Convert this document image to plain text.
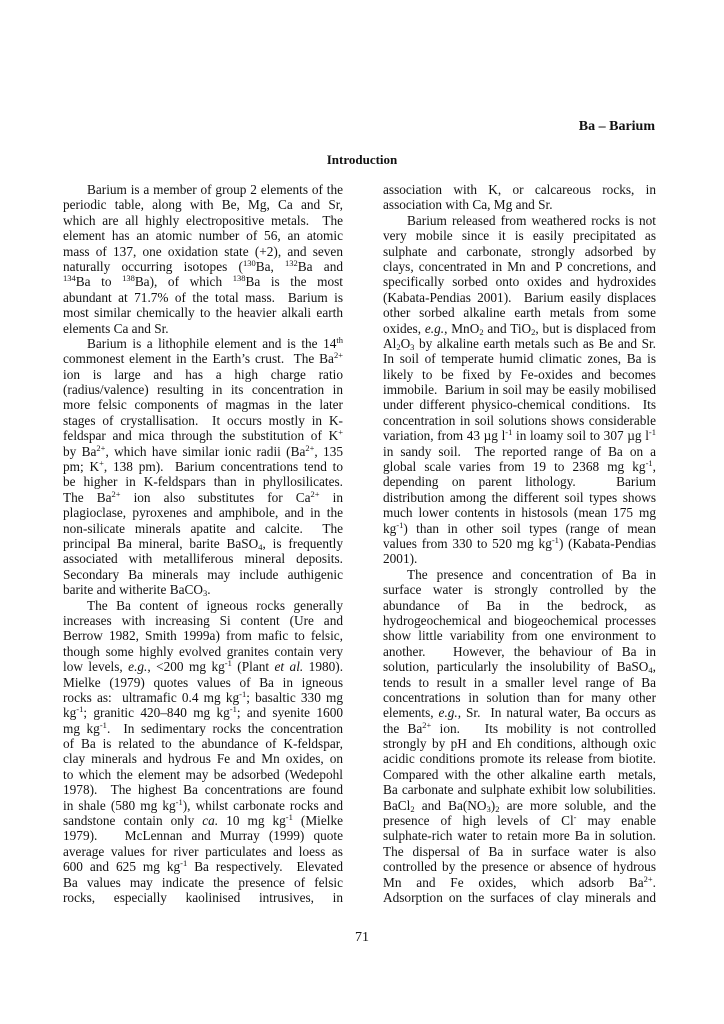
Ba – Barium
Introduction
Barium is a member of group 2 elements of the
periodic table, along with Be, Mg, Ca and Sr,
which are all highly electropositive metals.  The
element has an atomic number of 56, an atomic
mass of 137, one oxidation state (+2), and seven
naturally occurring isotopes ($^{130}$Ba, $^{132}$Ba and
$^{134}$Ba to $^{138}$Ba), of which $^{138}$Ba is the most
abundant at 71.7% of the total mass.  Barium is
most similar chemically to the heavier alkali earth
elements Ca and Sr.
Barium is a lithophile element and is the 14th
commonest element in the Earth’s crust.  The $Ba^{2+}$
ion is large and has a high charge ratio
(radius/valence) resulting in its concentration in
more felsic components of magmas in the later
stages of crystallisation.  It occurs mostly in K-
feldspar and mica through the substitution of K+
by $Ba^{2+}$, which have similar ionic radii ($Ba^{2+}$, 135
pm; K+, 138 pm).  Barium concentrations tend to
be higher in K-feldspars than in phyllosilicates.
The $Ba^{2+}$ ion also substitutes for $Ca^{2+}$ in
plagioclase, pyroxenes and amphibole, and in the
non-silicate minerals apatite and calcite.  The
principal Ba mineral, barite BaSO$_4$, is frequently
associated with metalliferous mineral deposits.
Secondary Ba minerals may include authigenic
barite and witherite BaCO$_3$.
The Ba content of igneous rocks generally
increases with increasing Si content (Ure and
Berrow 1982, Smith 1999a) from mafic to felsic,
though some highly evolved granites contain very
low levels, e.g., <200 mg $kg^{-1}$ (Plant et al. 1980).
Mielke (1979) quotes values of Ba in igneous
rocks as:  ultramafic 0.4 mg $kg^{-1}$; basaltic 330 mg
$kg^{-1}$; granitic 420–840 mg $kg^{-1}$; and syenite 1600
mg $kg^{-1}$.  In sedimentary rocks the concentration
of Ba is related to the abundance of K-feldspar,
clay minerals and hydrous Fe and Mn oxides, on
to which the element may be adsorbed (Wedepohl
1978).  The highest Ba concentrations are found
in shale (580 mg $kg^{-1}$), whilst carbonate rocks and
sandstone contain only ca. 10 mg $kg^{-1}$ (Mielke
1979).   McLennan and Murray (1999) quote
average values for river particulates and loess as
600 and 625 mg $kg^{-1}$ Ba respectively.  Elevated
Ba values may indicate the presence of felsic
rocks, especially kaolinised intrusives, in
association with K, or calcareous rocks, in
association with Ca, Mg and Sr.
Barium released from weathered rocks is not
very mobile since it is easily precipitated as
sulphate and carbonate, strongly adsorbed by
clays, concentrated in Mn and P concretions, and
specifically sorbed onto oxides and hydroxides
(Kabata-Pendias 2001).  Barium easily displaces
other sorbed alkaline earth metals from some
oxides, e.g., MnO$_2$ and TiO$_2$, but is displaced from
$Al_2O_3$ by alkaline earth metals such as Be and Sr.
In soil of temperate humid climatic zones, Ba is
likely to be fixed by Fe-oxides and becomes
immobile.  Barium in soil may be easily mobilised
under different physico-chemical conditions.  Its
concentration in soil solutions shows considerable
variation, from 43 µg $l^{-1}$ in loamy soil to 307 µg $l^{-1}$
in sandy soil.  The reported range of Ba on a
global scale varies from 19 to 2368 mg $kg^{-1}$,
depending on parent lithology.   Barium
distribution among the different soil types shows
much lower contents in histosols (mean 175 mg
$kg^{-1}$) than in other soil types (range of mean
values from 330 to 520 mg $kg^{-1}$) (Kabata-Pendias
2001).
The presence and concentration of Ba in
surface water is strongly controlled by the
abundance of Ba in the bedrock, as
hydrogeochemical and biogeochemical processes
show little variability from one environment to
another.   However, the behaviour of Ba in
solution, particularly the insolubility of BaSO$_4$,
tends to result in a smaller level range of Ba
concentrations in solution than for many other
elements, e.g., Sr.  In natural water, Ba occurs as
the $Ba^{2+}$ ion.   Its mobility is not controlled
strongly by pH and Eh conditions, although oxic
acidic conditions promote its release from biotite.
Compared with the other alkaline earth  metals,
Ba carbonate and sulphate exhibit low solubilities.
BaCl$_2$ and $Ba(NO_3)_2$ are more soluble, and the
presence of high levels of Cl- may enable
sulphate-rich water to retain more Ba in solution.
The dispersal of Ba in surface water is also
controlled by the presence or absence of hydrous
Mn and Fe oxides, which adsorb $Ba^{2+}$.
Adsorption on the surfaces of clay minerals and
71
